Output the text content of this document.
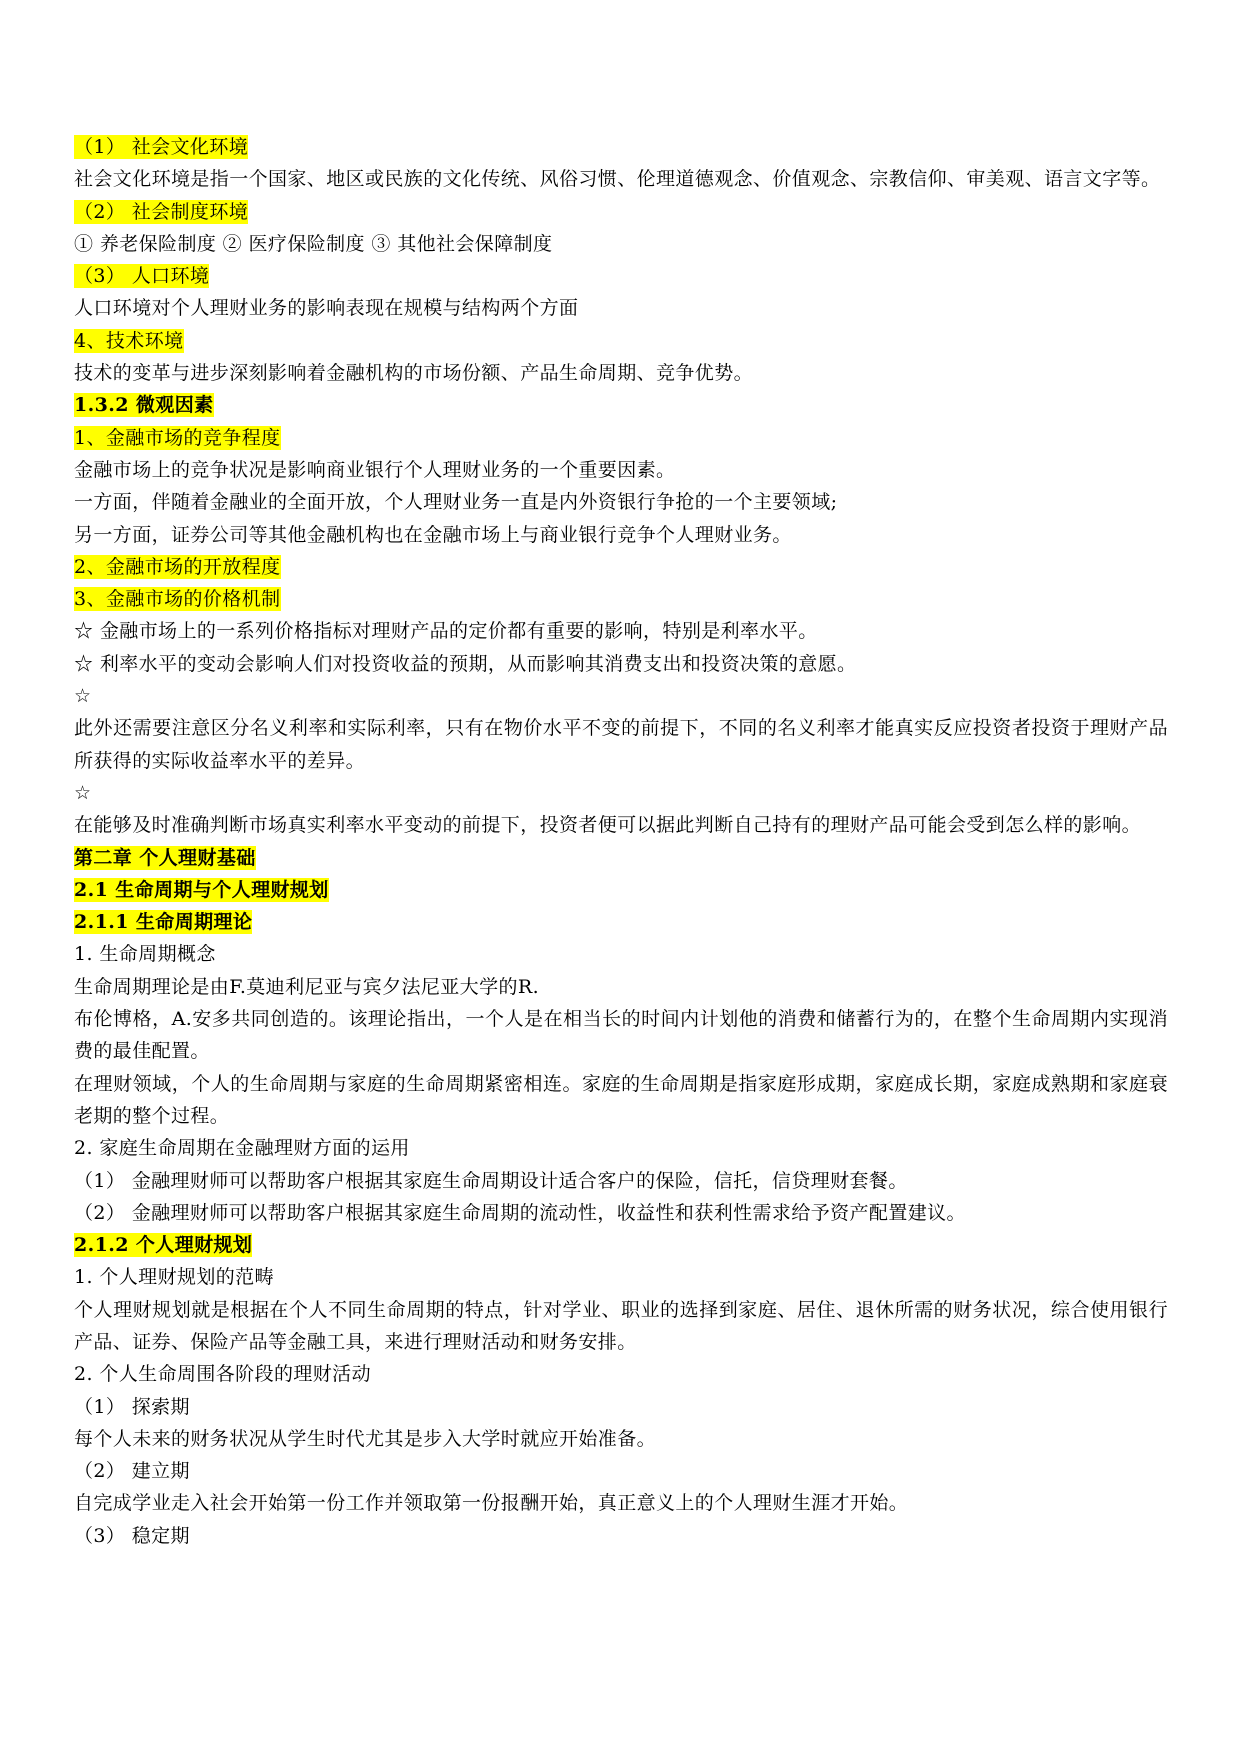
（1） 社会文化环境
社会文化环境是指一个国家、地区或民族的文化传统、风俗习惯、伦理道德观念、价值观念、宗教信仰、审美观、语言文字等。
（2） 社会制度环境
① 养老保险制度 ② 医疗保险制度 ③ 其他社会保障制度
（3） 人口环境
人口环境对个人理财业务的影响表现在规模与结构两个方面
4、技术环境
技术的变革与进步深刻影响着金融机构的市场份额、产品生命周期、竞争优势。
1.3.2 微观因素
1、金融市场的竞争程度
金融市场上的竞争状况是影响商业银行个人理财业务的一个重要因素。
一方面，伴随着金融业的全面开放，个人理财业务一直是内外资银行争抢的一个主要领域;
另一方面，证券公司等其他金融机构也在金融市场上与商业银行竞争个人理财业务。
2、金融市场的开放程度
3、金融市场的价格机制
☆ 金融市场上的一系列价格指标对理财产品的定价都有重要的影响，特别是利率水平。
☆ 利率水平的变动会影响人们对投资收益的预期，从而影响其消费支出和投资决策的意愿。
☆
此外还需要注意区分名义利率和实际利率，只有在物价水平不变的前提下，不同的名义利率才能真实反应投资者投资于理财产品所获得的实际收益率水平的差异。
☆
在能够及时准确判断市场真实利率水平变动的前提下，投资者便可以据此判断自己持有的理财产品可能会受到怎么样的影响。
第二章 个人理财基础
2.1 生命周期与个人理财规划
2.1.1 生命周期理论
1. 生命周期概念
生命周期理论是由F.莫迪利尼亚与宾夕法尼亚大学的R.
布伦博格，A.安多共同创造的。该理论指出，一个人是在相当长的时间内计划他的消费和储蓄行为的，在整个生命周期内实现消费的最佳配置。
在理财领域，个人的生命周期与家庭的生命周期紧密相连。家庭的生命周期是指家庭形成期，家庭成长期，家庭成熟期和家庭衰老期的整个过程。
2. 家庭生命周期在金融理财方面的运用
（1） 金融理财师可以帮助客户根据其家庭生命周期设计适合客户的保险，信托，信贷理财套餐。
（2） 金融理财师可以帮助客户根据其家庭生命周期的流动性，收益性和获利性需求给予资产配置建议。
2.1.2 个人理财规划
1. 个人理财规划的范畴
个人理财规划就是根据在个人不同生命周期的特点，针对学业、职业的选择到家庭、居住、退休所需的财务状况，综合使用银行产品、证券、保险产品等金融工具，来进行理财活动和财务安排。
2. 个人生命周围各阶段的理财活动
（1） 探索期
每个人未来的财务状况从学生时代尤其是步入大学时就应开始准备。
（2） 建立期
自完成学业走入社会开始第一份工作并领取第一份报酬开始，真正意义上的个人理财生涯才开始。
（3） 稳定期
